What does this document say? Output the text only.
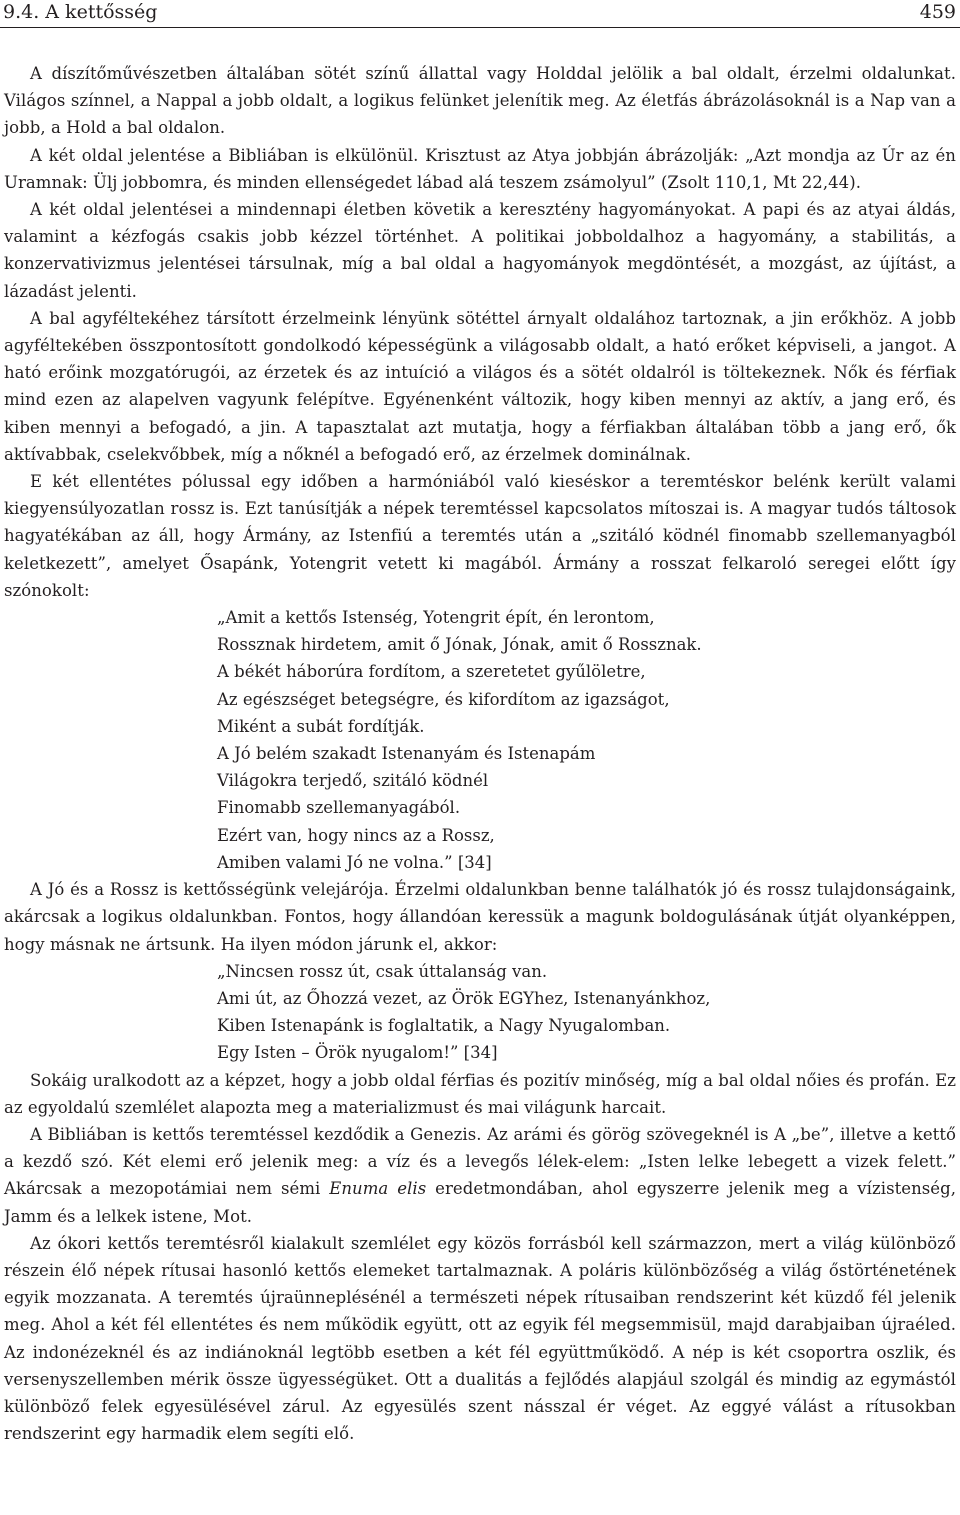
9.4. A kettősség	459

A díszítőművészetben általában sötét színű állattal vagy Holddal jelölik a bal oldalt, érzelmi oldalunkat. Világos színnel, a Nappal a jobb oldalt, a logikus felünket jelenítik meg. Az életfás ábrázolásoknál is a Nap van a jobb, a Hold a bal oldalon.

A két oldal jelentése a Bibliában is elkülönül. Krisztust az Atya jobbján ábrázolják: „Azt mondja az Úr az én Uramnak: Ülj jobbomra, és minden ellenségedet lábad alá teszem zsámolyul” (Zsolt 110,1, Mt 22,44).

A két oldal jelentései a mindennapi életben követik a keresztény hagyományokat. A papi és az atyai áldás, valamint a kézfogás csakis jobb kézzel történhet. A politikai jobboldalhoz a hagyomány, a stabilitás, a konzervativizmus jelentései társulnak, míg a bal oldal a hagyományok megdöntését, a mozgást, az újítást, a lázadást jelenti.

A bal agyféltekéhez társított érzelmeink lényünk sötéttel árnyalt oldalához tartoznak, a jin erőkhöz. A jobb agyféltekében összpontosított gondolkodó képességünk a világosabb oldalt, a ható erőket képviseli, a jangot. A ható erőink mozgatórugói, az érzetek és az intuíció a világos és a sötét oldalról is töltekeznek. Nők és férfiak mind ezen az alapelven vagyunk felépítve. Egyénenként változik, hogy kiben mennyi az aktív, a jang erő, és kiben mennyi a befogadó, a jin. A tapasztalat azt mutatja, hogy a férfiakban általában több a jang erő, ők aktívabbak, cselekvőbbek, míg a nőknél a befogadó erő, az érzelmek dominálnak.

E két ellentétes pólussal egy időben a harmóniából való kieséskor a teremtéskor belénk került valami kiegyensúlyozatlan rossz is. Ezt tanúsítják a népek teremtéssel kapcsolatos mítoszai is. A magyar tudós táltosok hagyatékában az áll, hogy Ármány, az Istenfiú a teremtés után a „szitáló ködnél finomabb szellemanyagból keletkezett”, amelyet Ősapánk, Yotengrit vetett ki magából. Ármány a rosszat felkaroló seregei előtt így szónokolt:

„Amit a kettős Istenség, Yotengrit épít, én lerontom,
Rossznak hirdetem, amit ő Jónak, Jónak, amit ő Rossznak.
A békét háborúra fordítom, a szeretetet gyűlöletre,
Az egészséget betegségre, és kifordítom az igazságot,
Miként a subát fordítják.
A Jó belém szakadt Istenanyám és Istenapám
Világokra terjedő, szitáló ködnél
Finomabb szellemanyagából.
Ezért van, hogy nincs az a Rossz,
Amiben valami Jó ne volna.” [34]

A Jó és a Rossz is kettősségünk velejárója. Érzelmi oldalunkban benne találhatók jó és rossz tulajdonságaink, akárcsak a logikus oldalunkban. Fontos, hogy állandóan keressük a magunk boldogulásának útját olyanképpen, hogy másnak ne ártsunk. Ha ilyen módon járunk el, akkor:

„Nincsen rossz út, csak úttalanság van.
Ami út, az Őhozzá vezet, az Örök EGYhez, Istenanyánkhoz,
Kiben Istenapánk is foglaltatik, a Nagy Nyugalomban.
Egy Isten – Örök nyugalom!” [34]

Sokáig uralkodott az a képzet, hogy a jobb oldal férfias és pozitív minőség, míg a bal oldal nőies és profán. Ez az egyoldalú szemlélet alapozta meg a materializmust és mai világunk harcait.

A Bibliában is kettős teremtéssel kezdődik a Genezis. Az arámi és görög szövegeknél is A „be”, illetve a kettő a kezdő szó. Két elemi erő jelenik meg: a víz és a levegős lélek-elem: „Isten lelke lebegett a vizek felett.” Akárcsak a mezopotámiai nem sémi Enuma elis eredetmondában, ahol egyszerre jelenik meg a vízistenség, Jamm és a lelkek istene, Mot.

Az ókori kettős teremtésről kialakult szemlélet egy közös forrásból kell származzon, mert a világ különböző részein élő népek rítusai hasonló kettős elemeket tartalmaznak. A poláris különbözőség a világ őstörténetének egyik mozzanata. A teremtés újraünneplésénél a természeti népek rítusaiban rendszerint két küzdő fél jelenik meg. Ahol a két fél ellentétes és nem működik együtt, ott az egyik fél megsemmisül, majd darabjaiban újraéled. Az indonézeknél és az indiánoknál legtöbb esetben a két fél együttműködő. A nép is két csoportra oszlik, és versenyszellemben mérik össze ügyességüket. Ott a dualitás a fejlődés alapjául szolgál és mindig az egymástól különböző felek egyesülésével zárul. Az egyesülés szent násszal ér véget. Az eggyé válást a rítusokban rendszerint egy harmadik elem segíti elő.
